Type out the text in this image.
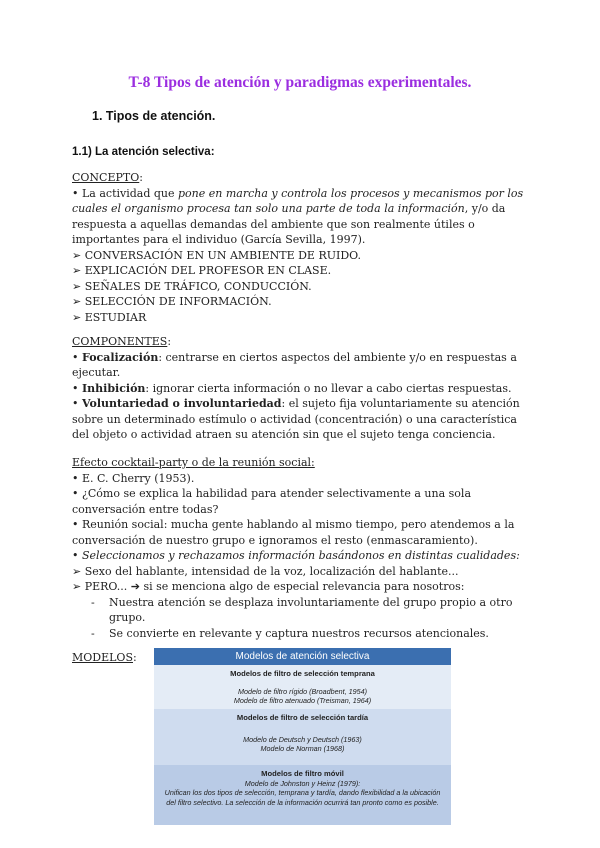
T-8 Tipos de atención y paradigmas experimentales.
1. Tipos de atención.
1.1) La atención selectiva:

CONCEPTO:

• La actividad que pone en marcha y controla los procesos y mecanismos por los cuales el organismo procesa tan solo una parte de toda la información, y/o da respuesta a aquellas demandas del ambiente que son realmente útiles o importantes para el individuo (García Sevilla, 1997).

➢ CONVERSACIÓN EN UN AMBIENTE DE RUIDO.

➢ EXPLICACIÓN DEL PROFESOR EN CLASE.

➢ SEÑALES DE TRÁFICO, CONDUCCIÓN.

➢ SELECCIÓN DE INFORMACIÓN.

➢ ESTUDIAR

COMPONENTES:

• Focalización: centrarse en ciertos aspectos del ambiente y/o en respuestas a ejecutar.

• Inhibición: ignorar cierta información o no llevar a cabo ciertas respuestas.

• Voluntariedad o involuntariedad: el sujeto fija voluntariamente su atención sobre un determinado estímulo o actividad (concentración) o una característica del objeto o actividad atraen su atención sin que el sujeto tenga conciencia.

Efecto cocktail-party o de la reunión social:

• E. C. Cherry (1953).

• ¿Cómo se explica la habilidad para atender selectivamente a una sola conversación entre todas?

• Reunión social: mucha gente hablando al mismo tiempo, pero atendemos a la conversación de nuestro grupo e ignoramos el resto (enmascaramiento).

• Seleccionamos y rechazamos información basándonos en distintas cualidades:

➢ Sexo del hablante, intensidad de la voz, localización del hablante...

➢ PERO... ➔ si se menciona algo de especial relevancia para nosotros:

- Nuestra atención se desplaza involuntariamente del grupo propio a otro grupo.

- Se convierte en relevante y captura nuestros recursos atencionales.

MODELOS:	Modelos de atención selectiva
Modelos de filtro de selección temprana
Modelo de filtro rígido (Broadbent, 1954)
Modelo de filtro atenuado (Treisman, 1964)
Modelos de filtro de selección tardía
Modelo de Deutsch y Deutsch (1963)
Modelo de Norman (1968)
Modelos de filtro móvil
Modelo de Johnston y Heinz (1979):
Unifican los dos tipos de selección, temprana y tardía, dando flexibilidad a la ubicación del filtro selectivo. La selección de la información ocurrirá tan pronto como es posible.
